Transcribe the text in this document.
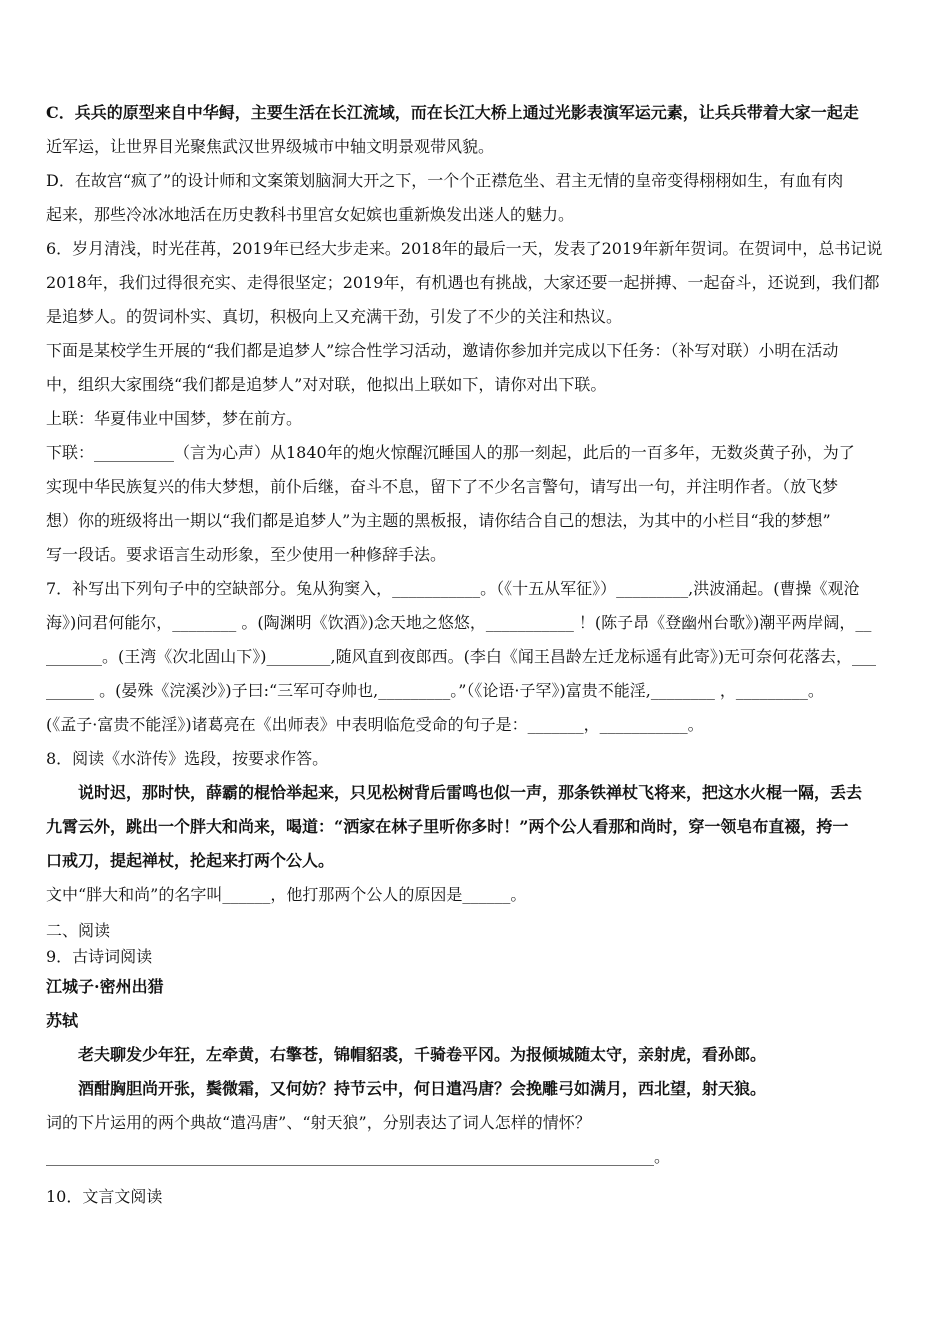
C．兵兵的原型来自中华鲟，主要生活在长江流域，而在长江大桥上通过光影表演军运元素，让兵兵带着大家一起走
近军运，让世界目光聚焦武汉世界级城市中轴文明景观带风貌。
D．在故宫“疯了”的设计师和文案策划脑洞大开之下，一个个正襟危坐、君主无情的皇帝变得栩栩如生，有血有肉
起来，那些冷冰冰地活在历史教科书里宫女妃嫔也重新焕发出迷人的魅力。
6．岁月清浅，时光荏苒，2019年已经大步走来。2018年的最后一天，发表了2019年新年贺词。在贺词中，总书记说
2018年，我们过得很充实、走得很坚定；2019年，有机遇也有挑战，大家还要一起拼搏、一起奋斗，还说到，我们都
是追梦人。的贺词朴实、真切，积极向上又充满干劲，引发了不少的关注和热议。
下面是某校学生开展的“我们都是追梦人”综合性学习活动，邀请你参加并完成以下任务：（补写对联）小明在活动
中，组织大家围绕“我们都是追梦人”对对联，他拟出上联如下，请你对出下联。
上联：华夏伟业中国梦，梦在前方。
下联：__________（言为心声）从1840年的炮火惊醒沉睡国人的那一刻起，此后的一百多年，无数炎黄子孙，为了
实现中华民族复兴的伟大梦想，前仆后继，奋斗不息，留下了不少名言警句，请写出一句，并注明作者。（放飞梦
想）你的班级将出一期以“我们都是追梦人”为主题的黑板报，请你结合自己的想法，为其中的小栏目“我的梦想”
写一段话。要求语言生动形象，至少使用一种修辞手法。
7．补写出下列句子中的空缺部分。兔从狗窦入，___________。（《十五从军征》）_________,洪波涌起。(曹操《观沧
海》)问君何能尔，________ 。(陶渊明《饮酒》)念天地之悠悠，___________ ！(陈子昂《登幽州台歌》)潮平两岸阔，__
_______。(王湾《次北固山下》)________,随风直到夜郎西。(李白《闻王昌龄左迁龙标遥有此寄》)无可奈何花落去，___
______ 。(晏殊《浣溪沙》)子曰:“三军可夺帅也,_________。”（《论语·子罕》)富贵不能淫,________ ，_________。
(《孟子·富贵不能淫》)诸葛亮在《出师表》中表明临危受命的句子是：_______，___________。
8．阅读《水浒传》选段，按要求作答。
说时迟，那时快，薛霸的棍恰举起来，只见松树背后雷鸣也似一声，那条铁禅杖飞将来，把这水火棍一隔，丢去
九霄云外，跳出一个胖大和尚来，喝道：“洒家在林子里听你多时！”两个公人看那和尚时，穿一领皂布直裰，挎一
口戒刀，提起禅杖，抡起来打两个公人。
文中“胖大和尚”的名字叫______，他打那两个公人的原因是______。
二、阅读
9．古诗词阅读
江城子·密州出猎
苏轼
老夫聊发少年狂，左牵黄，右擎苍，锦帽貂裘，千骑卷平冈。为报倾城随太守，亲射虎，看孙郎。
酒酣胸胆尚开张，鬓微霜，又何妨？持节云中，何日遣冯唐？会挽雕弓如满月，西北望，射天狼。
词的下片运用的两个典故“遣冯唐”、“射天狼”，分别表达了词人怎样的情怀？
____________________________________________________________________________。
10．文言文阅读
